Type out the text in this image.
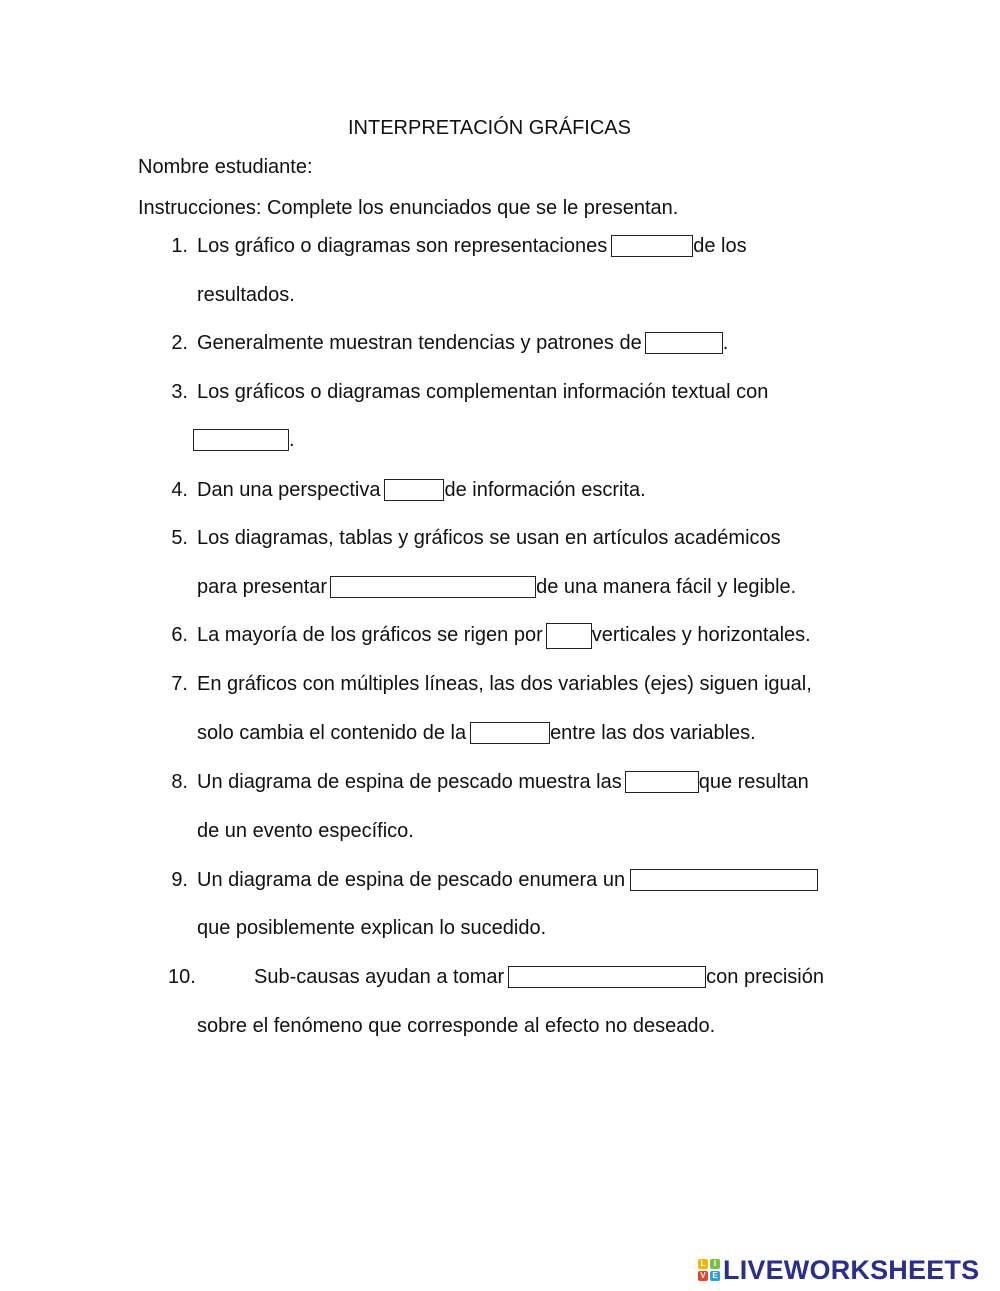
INTERPRETACIÓN GRÁFICAS
Nombre estudiante:
Instrucciones: Complete los enunciados que se le presentan.
1. Los gráfico o diagramas son representaciones	de los
resultados.
2. Generalmente muestran tendencias y patrones de	.
3. Los gráficos o diagramas complementan información textual con
.
4. Dan una perspectiva	de información escrita.
5. Los diagramas, tablas y gráficos se usan en artículos académicos
para presentar	de una manera fácil y legible.
6. La mayoría de los gráficos se rigen por verticales y horizontales.
7. En gráficos con múltiples líneas, las dos variables (ejes) siguen igual,
solo cambia el contenido de la	entre las dos variables.
8. Un diagrama de espina de pescado muestra las	que resultan
de un evento específico.
9. Un diagrama de espina de pescado enumera un
que posiblemente explican lo sucedido.
10.	Sub-causas ayudan a tomar	con precisión
sobre el fenómeno que corresponde al efecto no deseado.
L	I
V E LIVEWORKSHEETS
